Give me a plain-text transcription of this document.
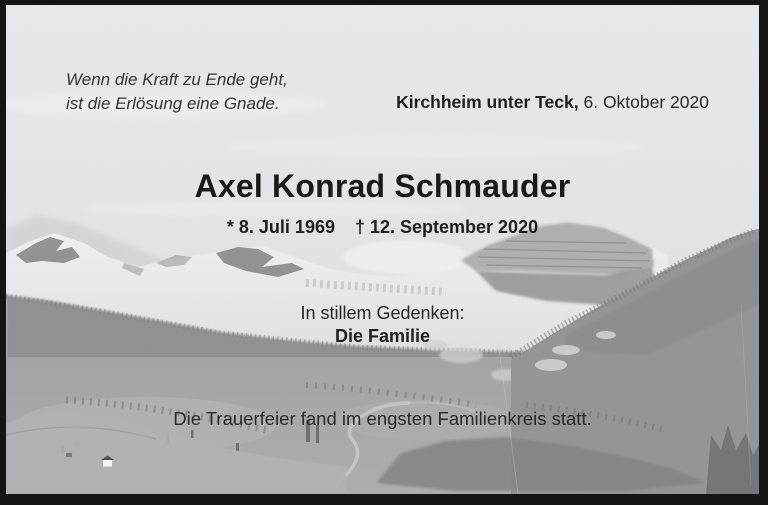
Wenn die Kraft zu Ende geht,
ist die Erlösung eine Gnade.	Kirchheim unter Teck, 6. Oktober 2020

Axel Konrad Schmauder
* 8. Juli 1969    † 12. September 2020
In stillem Gedenken:
Die Familie
Die Trauerfeier fand im engsten Familienkreis statt.
